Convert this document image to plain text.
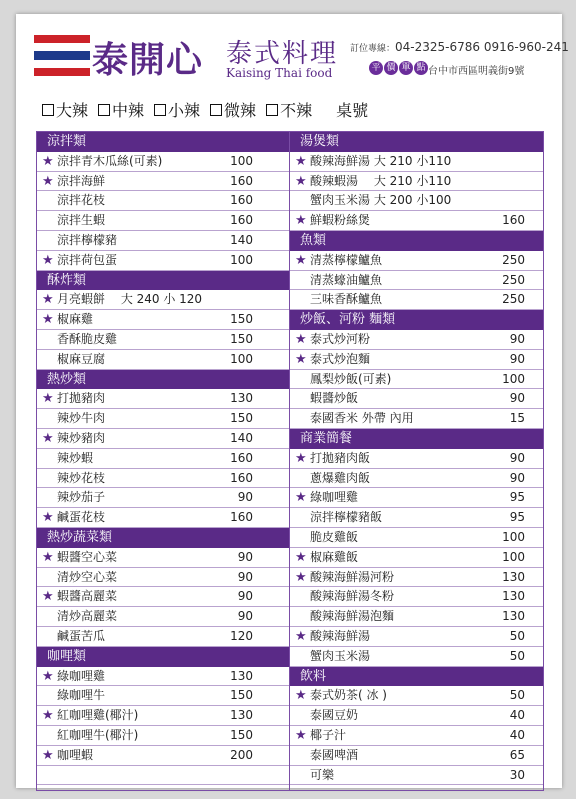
泰開心 泰式料理
Kaising Thai food
訂位專線：04-2325-6786 0916-960-241
平 價 單 點 台中市西區明義街9號
大辣 中辣 小辣 微辣 不辣 桌號
涼拌類
★ 涼拌青木瓜絲(可素)	100
★ 涼拌海鮮	160
涼拌花枝	160
涼拌生蝦	160
涼拌檸檬豬	140
★ 涼拌荷包蛋	100
酥炸類
★ 月亮蝦餅　 大 240 小 120
★ 椒麻雞	150
香酥脆皮雞	150
椒麻豆腐	100
熱炒類
★ 打拋豬肉	130
辣炒牛肉	150
★ 辣炒豬肉	140
辣炒蝦	160
辣炒花枝	160
辣炒茄子	90
★ 鹹蛋花枝	160
熱炒蔬菜類
★ 蝦醬空心菜	90
清炒空心菜	90
★ 蝦醬高麗菜	90
清炒高麗菜	90
鹹蛋苦瓜	120
咖哩類
★ 綠咖哩雞	130
綠咖哩牛	150
★ 紅咖哩雞(椰汁)	130
紅咖哩牛(椰汁)	150
★ 咖哩蝦	200
湯煲類
★ 酸辣海鮮湯 大 210 小110
★ 酸辣蝦湯　 大 210 小110
蟹肉玉米湯 大 200 小100
★ 鮮蝦粉絲煲	160
魚類
★ 清蒸檸檬鱸魚	250
清蒸蠔油鱸魚	250
三味香酥鱸魚	250
炒飯、河粉 麵類
★ 泰式炒河粉	90
★ 泰式炒泡麵	90
鳳梨炒飯(可素)	100
蝦醬炒飯	90
泰國香米 外帶 內用	15
商業簡餐
★ 打拋豬肉飯	90
蔥爆雞肉飯	90
★ 綠咖哩雞	95
涼拌檸檬豬飯	95
脆皮雞飯	100
★ 椒麻雞飯	100
★ 酸辣海鮮湯河粉	130
酸辣海鮮湯冬粉	130
酸辣海鮮湯泡麵	130
★ 酸辣海鮮湯	50
蟹肉玉米湯	50
飲料
★ 泰式奶茶( 冰 )	50
泰國豆奶	40
★ 椰子汁	40
泰國啤酒	65
可樂	30
